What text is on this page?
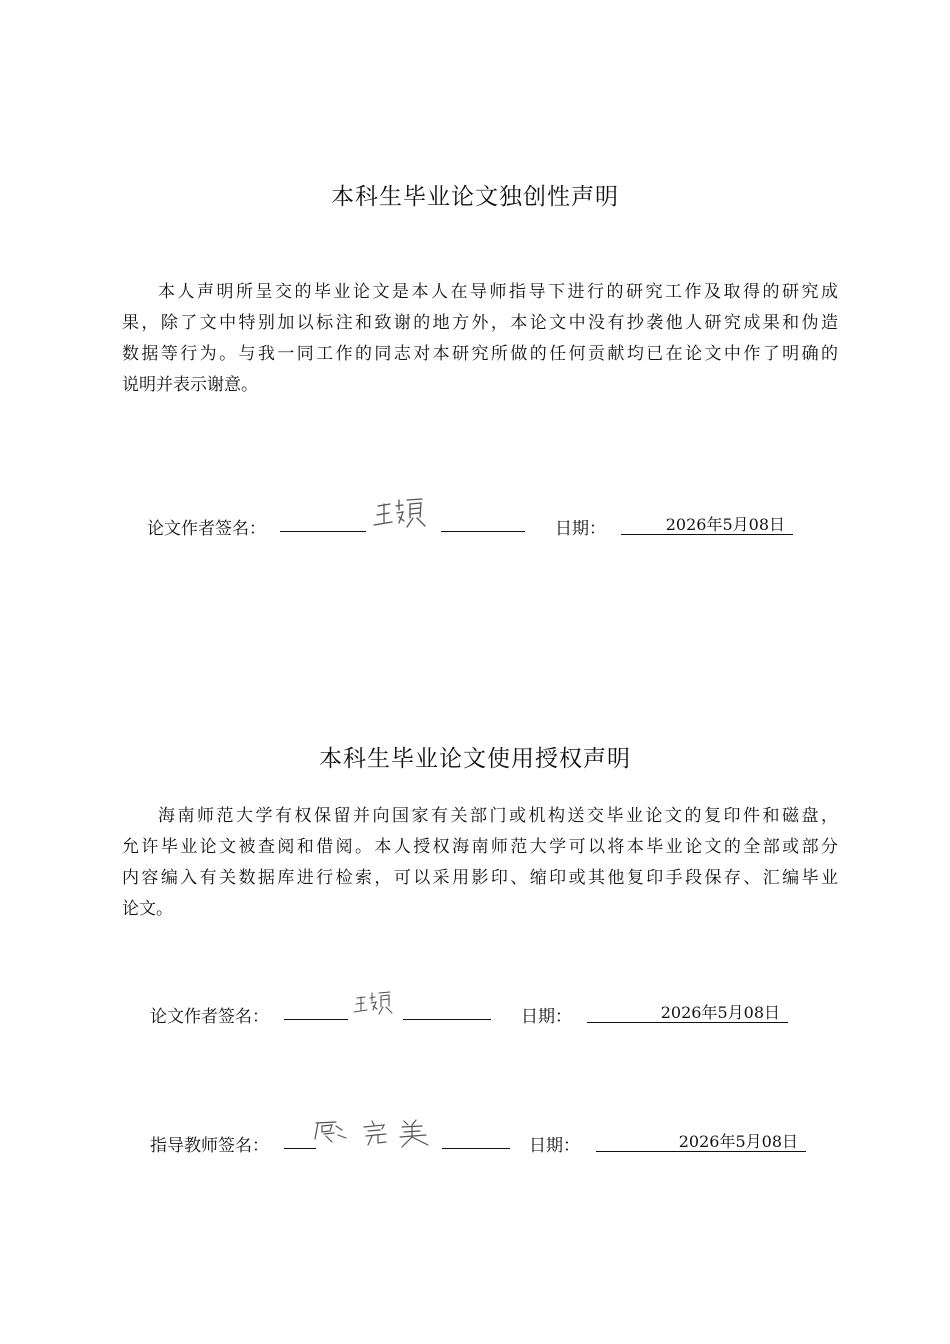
本科生毕业论文独创性声明
本人声明所呈交的毕业论文是本人在导师指导下进行的研究工作及取得的研究成
果，除了文中特别加以标注和致谢的地方外，本论文中没有抄袭他人研究成果和伪造
数据等行为。与我一同工作的同志对本研究所做的任何贡献均已在论文中作了明确的
说明并表示谢意。
论文作者签名：	日期：	2026年5月08日
本科生毕业论文使用授权声明
海南师范大学有权保留并向国家有关部门或机构送交毕业论文的复印件和磁盘，
允许毕业论文被查阅和借阅。本人授权海南师范大学可以将本毕业论文的全部或部分
内容编入有关数据库进行检索，可以采用影印、缩印或其他复印手段保存、汇编毕业
论文。
论文作者签名：	日期：	2026年5月08日
指导教师签名：	日期：	2026年5月08日
